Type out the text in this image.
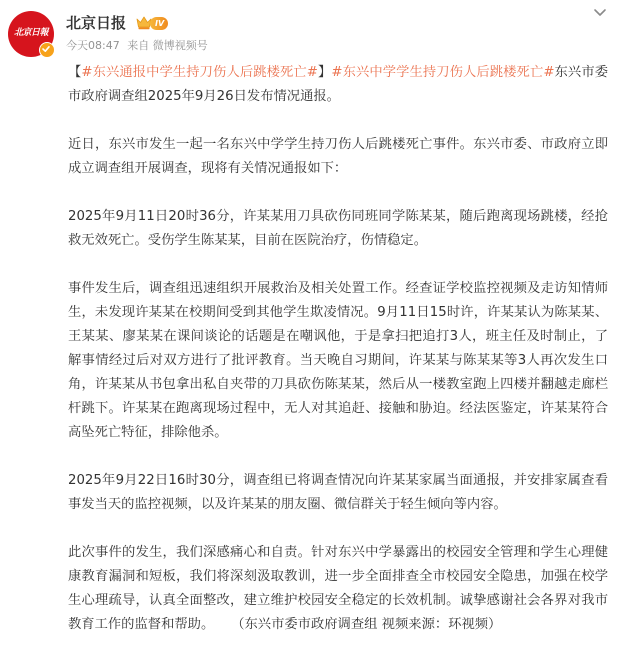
北京日報
北京日报	IV
今天08:47 来自 微博视频号

【#东兴通报中学生持刀伤人后跳楼死亡#】#东兴中学学生持刀伤人后跳楼死亡#东兴市委市政府调查组2025年9月26日发布情况通报。

近日，东兴市发生一起一名东兴中学学生持刀伤人后跳楼死亡事件。东兴市委、市政府立即成立调查组开展调查，现将有关情况通报如下：

2025年9月11日20时36分，许某某用刀具砍伤同班同学陈某某，随后跑离现场跳楼，经抢救无效死亡。受伤学生陈某某，目前在医院治疗，伤情稳定。

事件发生后，调查组迅速组织开展救治及相关处置工作。经查证学校监控视频及走访知情师生，未发现许某某在校期间受到其他学生欺凌情况。9月11日15时许，许某某认为陈某某、王某某、廖某某在课间谈论的话题是在嘲讽他，于是拿扫把追打3人，班主任及时制止，了解事情经过后对双方进行了批评教育。当天晚自习期间，许某某与陈某某等3人再次发生口角，许某某从书包拿出私自夹带的刀具砍伤陈某某，然后从一楼教室跑上四楼并翻越走廊栏杆跳下。许某某在跑离现场过程中，无人对其追赶、接触和胁迫。经法医鉴定，许某某符合高坠死亡特征，排除他杀。

2025年9月22日16时30分，调查组已将调查情况向许某某家属当面通报，并安排家属查看事发当天的监控视频，以及许某某的朋友圈、微信群关于轻生倾向等内容。

此次事件的发生，我们深感痛心和自责。针对东兴中学暴露出的校园安全管理和学生心理健康教育漏洞和短板，我们将深刻汲取教训，进一步全面排查全市校园安全隐患，加强在校学生心理疏导，认真全面整改，建立维护校园安全稳定的长效机制。诚挚感谢社会各界对我市教育工作的监督和帮助。 （东兴市委市政府调查组 视频来源：环视频）
